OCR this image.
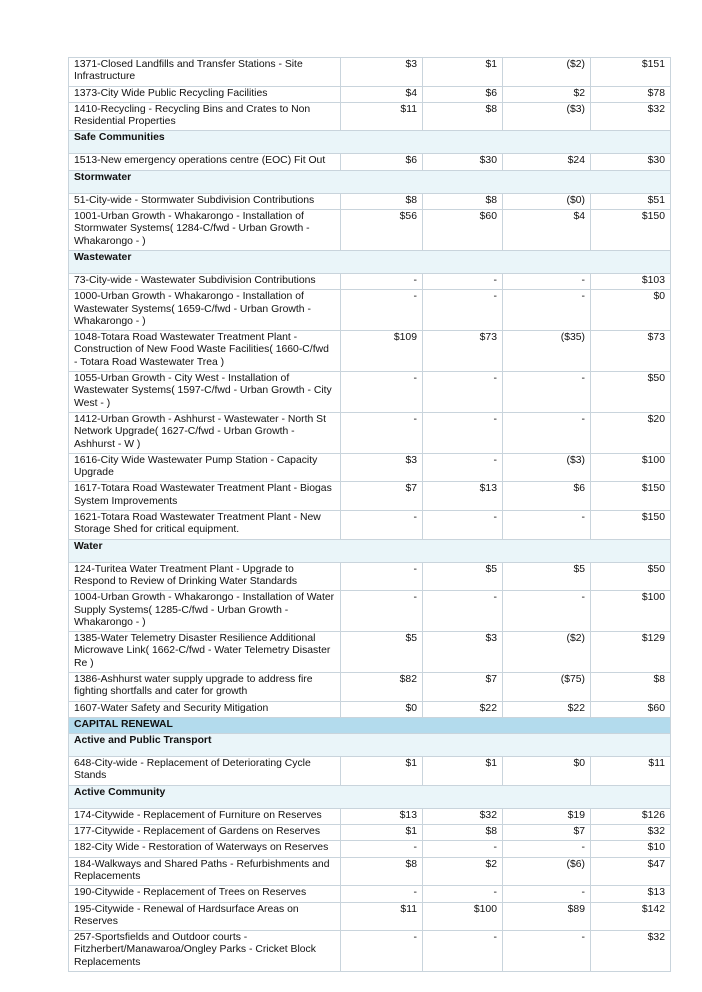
1371-Closed Landfills and Transfer Stations - Site Infrastructure	$3	$1	($2)	$151
1373-City Wide Public Recycling Facilities	$4	$6	$2	$78
1410-Recycling - Recycling Bins and Crates to Non Residential Properties	$11	$8	($3)	$32
Safe Communities				
1513-New emergency operations centre (EOC) Fit Out	$6	$30	$24	$30
Stormwater				
51-City-wide - Stormwater Subdivision Contributions	$8	$8	($0)	$51
1001-Urban Growth - Whakarongo - Installation of Stormwater Systems( 1284-C/fwd - Urban Growth - Whakarongo - )	$56	$60	$4	$150
Wastewater				
73-City-wide - Wastewater Subdivision Contributions	-	-	-	$103
1000-Urban Growth - Whakarongo - Installation of Wastewater Systems( 1659-C/fwd - Urban Growth - Whakarongo - )	-	-	-	$0
1048-Totara Road Wastewater Treatment Plant - Construction of New Food Waste Facilities( 1660-C/fwd - Totara Road Wastewater Trea )	$109	$73	($35)	$73
1055-Urban Growth - City West - Installation of Wastewater Systems( 1597-C/fwd - Urban Growth - City West - )	-	-	-	$50
1412-Urban Growth - Ashhurst - Wastewater - North St Network Upgrade( 1627-C/fwd - Urban Growth - Ashhurst - W )	-	-	-	$20
1616-City Wide Wastewater Pump Station - Capacity Upgrade	$3	-	($3)	$100
1617-Totara Road Wastewater Treatment Plant - Biogas System Improvements	$7	$13	$6	$150
1621-Totara Road Wastewater Treatment Plant - New Storage Shed for critical equipment.	-	-	-	$150
Water				
124-Turitea Water Treatment Plant - Upgrade to Respond to Review of Drinking Water Standards	-	$5	$5	$50
1004-Urban Growth - Whakarongo - Installation of Water Supply Systems( 1285-C/fwd - Urban Growth - Whakarongo - )	-	-	-	$100
1385-Water Telemetry Disaster Resilience Additional Microwave Link( 1662-C/fwd - Water Telemetry Disaster Re )	$5	$3	($2)	$129
1386-Ashhurst water supply upgrade to address fire fighting shortfalls and cater for growth	$82	$7	($75)	$8
1607-Water Safety and Security Mitigation	$0	$22	$22	$60
CAPITAL RENEWAL				
Active and Public Transport				
648-City-wide - Replacement of Deteriorating Cycle Stands	$1	$1	$0	$11
Active Community				
174-Citywide - Replacement of Furniture on Reserves	$13	$32	$19	$126
177-Citywide - Replacement of Gardens on Reserves	$1	$8	$7	$32
182-City Wide - Restoration of Waterways on Reserves	-	-	-	$10
184-Walkways and Shared Paths - Refurbishments and Replacements	$8	$2	($6)	$47
190-Citywide - Replacement of Trees on Reserves	-	-	-	$13
195-Citywide - Renewal of Hardsurface Areas on Reserves	$11	$100	$89	$142
257-Sportsfields and Outdoor courts - Fitzherbert/Manawaroa/Ongley Parks - Cricket Block Replacements	-	-	-	$32
